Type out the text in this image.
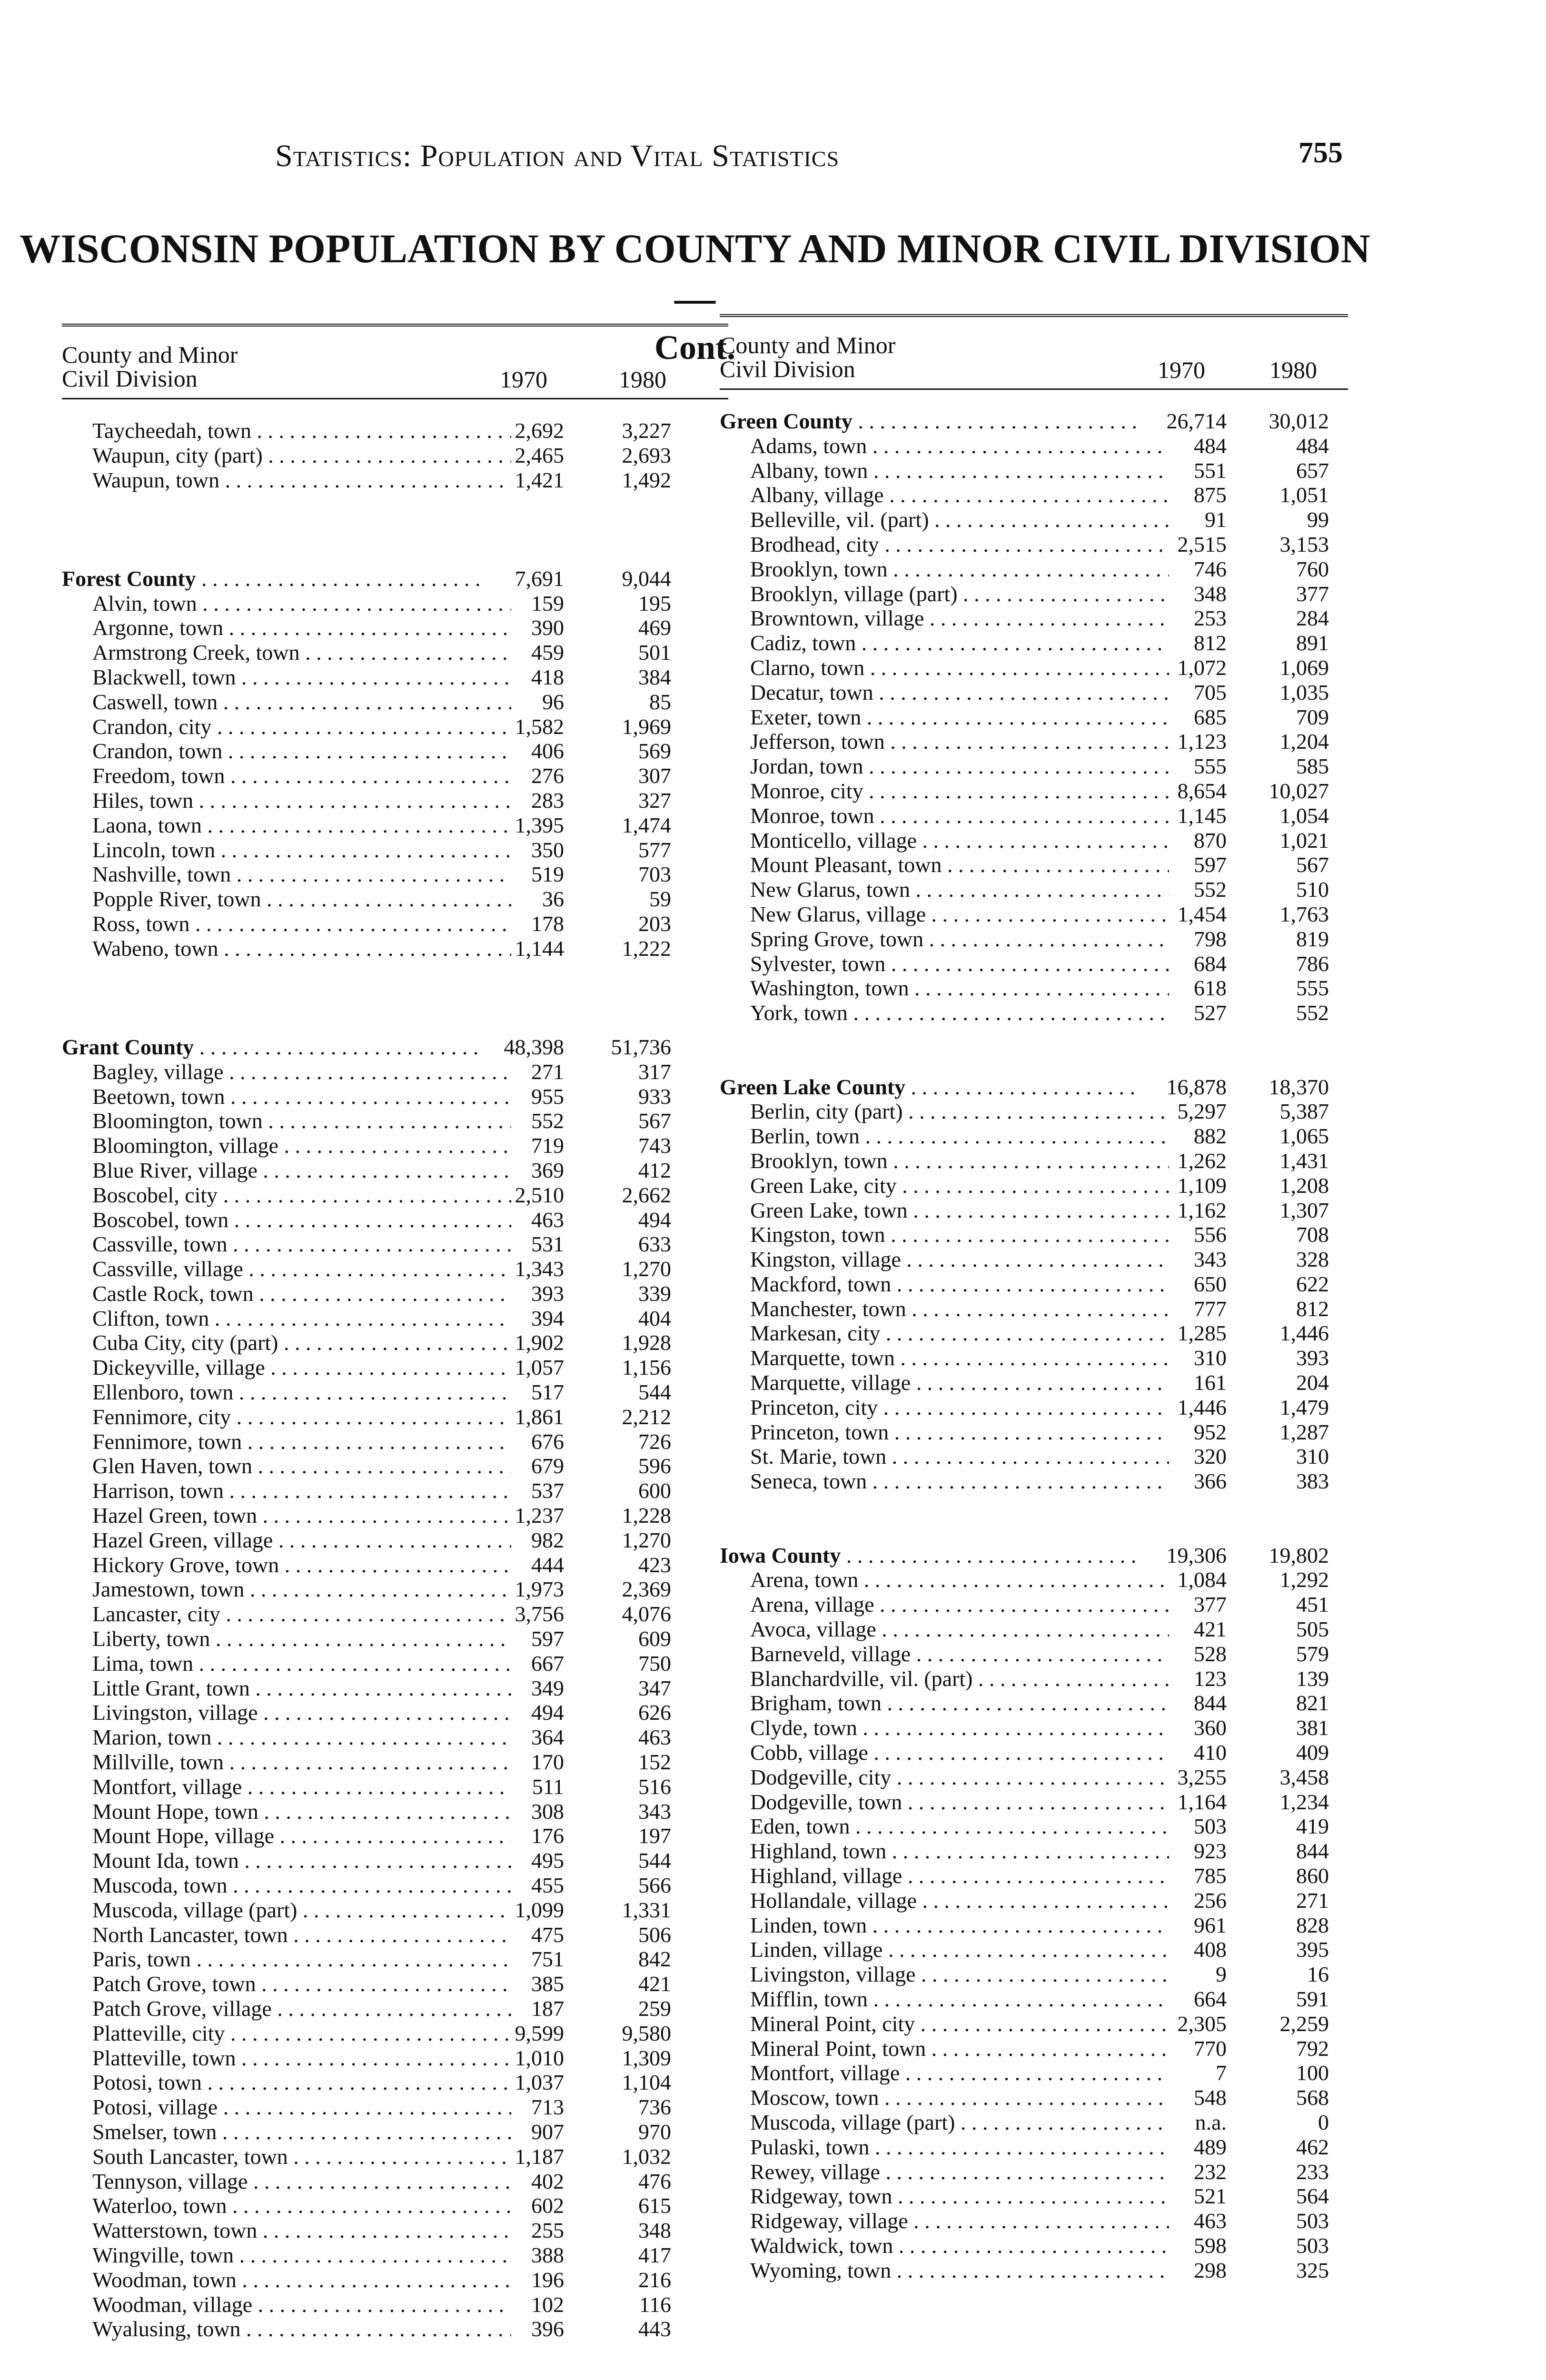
Statistics: Population and Vital Statistics	755
WISCONSIN POPULATION BY COUNTY AND MINOR CIVIL DIVISION—
Cont.
County and Minor
Civil Division	1970	1980
Taycheedah, town . . .	2,692	3,227
Waupun, city (part) . . .	2,465	2,693
Waupun, town . . .	1,421	1,492
Forest County . . .	7,691	9,044
Alvin, town . . .	159	195
Argonne, town . . .	390	469
Armstrong Creek, town . . .	459	501
Blackwell, town . . .	418	384
Caswell, town . . .	96	85
Crandon, city . . .	1,582	1,969
Crandon, town . . .	406	569
Freedom, town . . .	276	307
Hiles, town . . .	283	327
Laona, town . . .	1,395	1,474
Lincoln, town . . .	350	577
Nashville, town . . .	519	703
Popple River, town . . .	36	59
Ross, town . . .	178	203
Wabeno, town . . .	1,144	1,222
Grant County . . .	48,398	51,736
Bagley, village . . .	271	317
Beetown, town . . .	955	933
Bloomington, town . . .	552	567
Bloomington, village . . .	719	743
Blue River, village . . .	369	412
Boscobel, city . . .	2,510	2,662
Boscobel, town . . .	463	494
Cassville, town . . .	531	633
Cassville, village . . .	1,343	1,270
Castle Rock, town . . .	393	339
Clifton, town . . .	394	404
Cuba City, city (part) . . .	1,902	1,928
Dickeyville, village . . .	1,057	1,156
Ellenboro, town . . .	517	544
Fennimore, city . . .	1,861	2,212
Fennimore, town . . .	676	726
Glen Haven, town . . .	679	596
Harrison, town . . .	537	600
Hazel Green, town . . .	1,237	1,228
Hazel Green, village . . .	982	1,270
Hickory Grove, town . . .	444	423
Jamestown, town . . .	1,973	2,369
Lancaster, city . . .	3,756	4,076
Liberty, town . . .	597	609
Lima, town . . .	667	750
Little Grant, town . . .	349	347
Livingston, village . . .	494	626
Marion, town . . .	364	463
Millville, town . . .	170	152
Montfort, village . . .	511	516
Mount Hope, town . . .	308	343
Mount Hope, village . . .	176	197
Mount Ida, town . . .	495	544
Muscoda, town . . .	455	566
Muscoda, village (part) . . .	1,099	1,331
North Lancaster, town . . .	475	506
Paris, town . . .	751	842
Patch Grove, town . . .	385	421
Patch Grove, village . . .	187	259
Platteville, city . . .	9,599	9,580
Platteville, town . . .	1,010	1,309
Potosi, town . . .	1,037	1,104
Potosi, village . . .	713	736
Smelser, town . . .	907	970
South Lancaster, town . . .	1,187	1,032
Tennyson, village . . .	402	476
Waterloo, town . . .	602	615
Watterstown, town . . .	255	348
Wingville, town . . .	388	417
Woodman, town . . .	196	216
Woodman, village . . .	102	116
Wyalusing, town . . .	396	443
County and Minor
Civil Division	1970	1980
Green County . . .	26,714	30,012
Adams, town . . .	484	484
Albany, town . . .	551	657
Albany, village . . .	875	1,051
Belleville, vil. (part) . . .	91	99
Brodhead, city . . .	2,515	3,153
Brooklyn, town . . .	746	760
Brooklyn, village (part) . . .	348	377
Browntown, village . . .	253	284
Cadiz, town . . .	812	891
Clarno, town . . .	1,072	1,069
Decatur, town . . .	705	1,035
Exeter, town . . .	685	709
Jefferson, town . . .	1,123	1,204
Jordan, town . . .	555	585
Monroe, city . . .	8,654	10,027
Monroe, town . . .	1,145	1,054
Monticello, village . . .	870	1,021
Mount Pleasant, town . . .	597	567
New Glarus, town . . .	552	510
New Glarus, village . . .	1,454	1,763
Spring Grove, town . . .	798	819
Sylvester, town . . .	684	786
Washington, town . . .	618	555
York, town . . .	527	552
Green Lake County . . .	16,878	18,370
Berlin, city (part) . . .	5,297	5,387
Berlin, town . . .	882	1,065
Brooklyn, town . . .	1,262	1,431
Green Lake, city . . .	1,109	1,208
Green Lake, town . . .	1,162	1,307
Kingston, town . . .	556	708
Kingston, village . . .	343	328
Mackford, town . . .	650	622
Manchester, town . . .	777	812
Markesan, city . . .	1,285	1,446
Marquette, town . . .	310	393
Marquette, village . . .	161	204
Princeton, city . . .	1,446	1,479
Princeton, town . . .	952	1,287
St. Marie, town . . .	320	310
Seneca, town . . .	366	383
Iowa County . . .	19,306	19,802
Arena, town . . .	1,084	1,292
Arena, village . . .	377	451
Avoca, village . . .	421	505
Barneveld, village . . .	528	579
Blanchardville, vil. (part) . . .	123	139
Brigham, town . . .	844	821
Clyde, town . . .	360	381
Cobb, village . . .	410	409
Dodgeville, city . . .	3,255	3,458
Dodgeville, town . . .	1,164	1,234
Eden, town . . .	503	419
Highland, town . . .	923	844
Highland, village . . .	785	860
Hollandale, village . . .	256	271
Linden, town . . .	961	828
Linden, village . . .	408	395
Livingston, village . . .	9	16
Mifflin, town . . .	664	591
Mineral Point, city . . .	2,305	2,259
Mineral Point, town . . .	770	792
Montfort, village . . .	7	100
Moscow, town . . .	548	568
Muscoda, village (part) . . .	n.a.	0
Pulaski, town . . .	489	462
Rewey, village . . .	232	233
Ridgeway, town . . .	521	564
Ridgeway, village . . .	463	503
Waldwick, town . . .	598	503
Wyoming, town . . .	298	325
